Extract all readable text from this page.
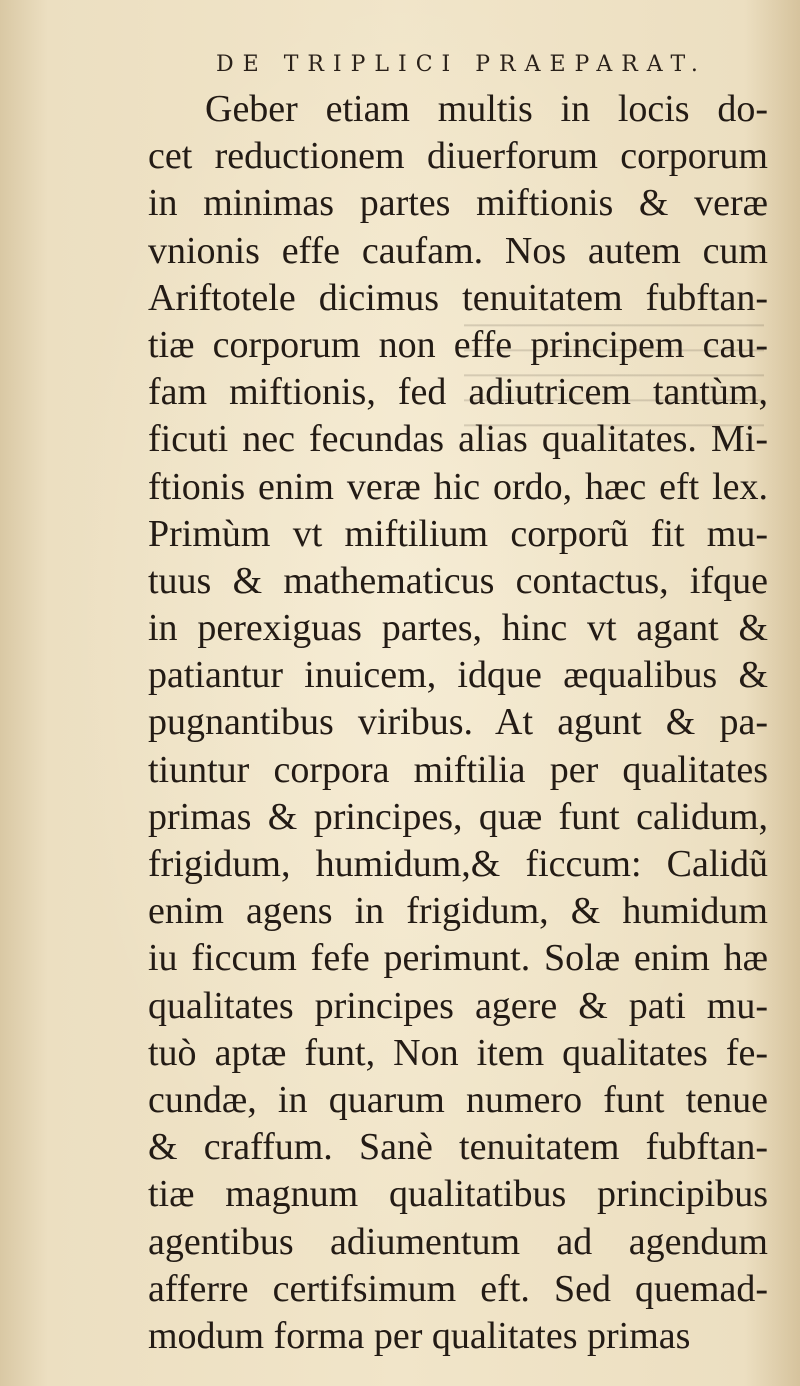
DE TRIPLICI PRAEPARAT.
Geber etiam multis in locis do-
cet reductionem diuerforum corporum
in minimas partes miftionis & veræ
vnionis effe caufam. Nos autem cum
Ariftotele dicimus tenuitatem fubftan-
tiæ corporum non effe principem cau-
fam miftionis, fed adiutricem tantùm,
ficuti nec fecundas alias qualitates. Mi-
ftionis enim veræ hic ordo, hæc eft lex.
Primùm vt miftilium corporũ fit mu-
tuus & mathematicus contactus, ifque
in perexiguas partes, hinc vt agant &
patiantur inuicem, idque æqualibus &
pugnantibus viribus. At agunt & pa-
tiuntur corpora miftilia per qualitates
primas & principes, quæ funt calidum,
frigidum, humidum,& ficcum: Calidũ
enim agens in frigidum, & humidum
iu ficcum fefe perimunt. Solæ enim hæ
qualitates principes agere & pati mu-
tuò aptæ funt, Non item qualitates fe-
cundæ, in quarum numero funt tenue
& craffum. Sanè tenuitatem fubftan-
tiæ magnum qualitatibus principibus
agentibus adiumentum ad agendum
afferre certifsimum eft. Sed quemad-
modum forma per qualitates primas
